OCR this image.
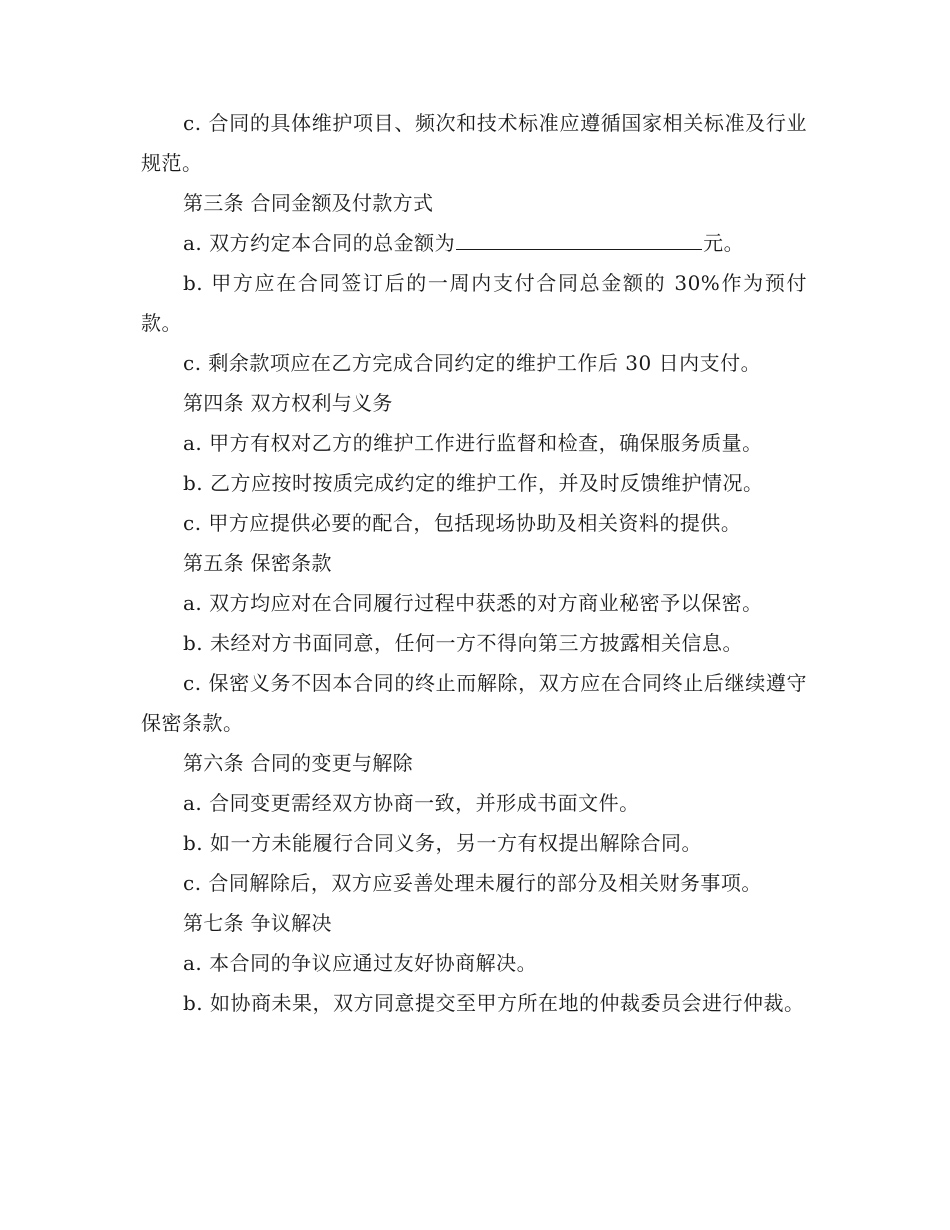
c. 合同的具体维护项目、频次和技术标准应遵循国家相关标准及行业规范。

第三条 合同金额及付款方式

a. 双方约定本合同的总金额为	元。

b. 甲方应在合同签订后的一周内支付合同总金额的 30%作为预付款。

c. 剩余款项应在乙方完成合同约定的维护工作后 30 日内支付。

第四条 双方权利与义务

a. 甲方有权对乙方的维护工作进行监督和检查，确保服务质量。

b. 乙方应按时按质完成约定的维护工作，并及时反馈维护情况。

c. 甲方应提供必要的配合，包括现场协助及相关资料的提供。

第五条 保密条款

a. 双方均应对在合同履行过程中获悉的对方商业秘密予以保密。

b. 未经对方书面同意，任何一方不得向第三方披露相关信息。

c. 保密义务不因本合同的终止而解除，双方应在合同终止后继续遵守保密条款。

第六条 合同的变更与解除

a. 合同变更需经双方协商一致，并形成书面文件。

b. 如一方未能履行合同义务，另一方有权提出解除合同。

c. 合同解除后，双方应妥善处理未履行的部分及相关财务事项。

第七条 争议解决

a. 本合同的争议应通过友好协商解决。

b. 如协商未果，双方同意提交至甲方所在地的仲裁委员会进行仲裁。
